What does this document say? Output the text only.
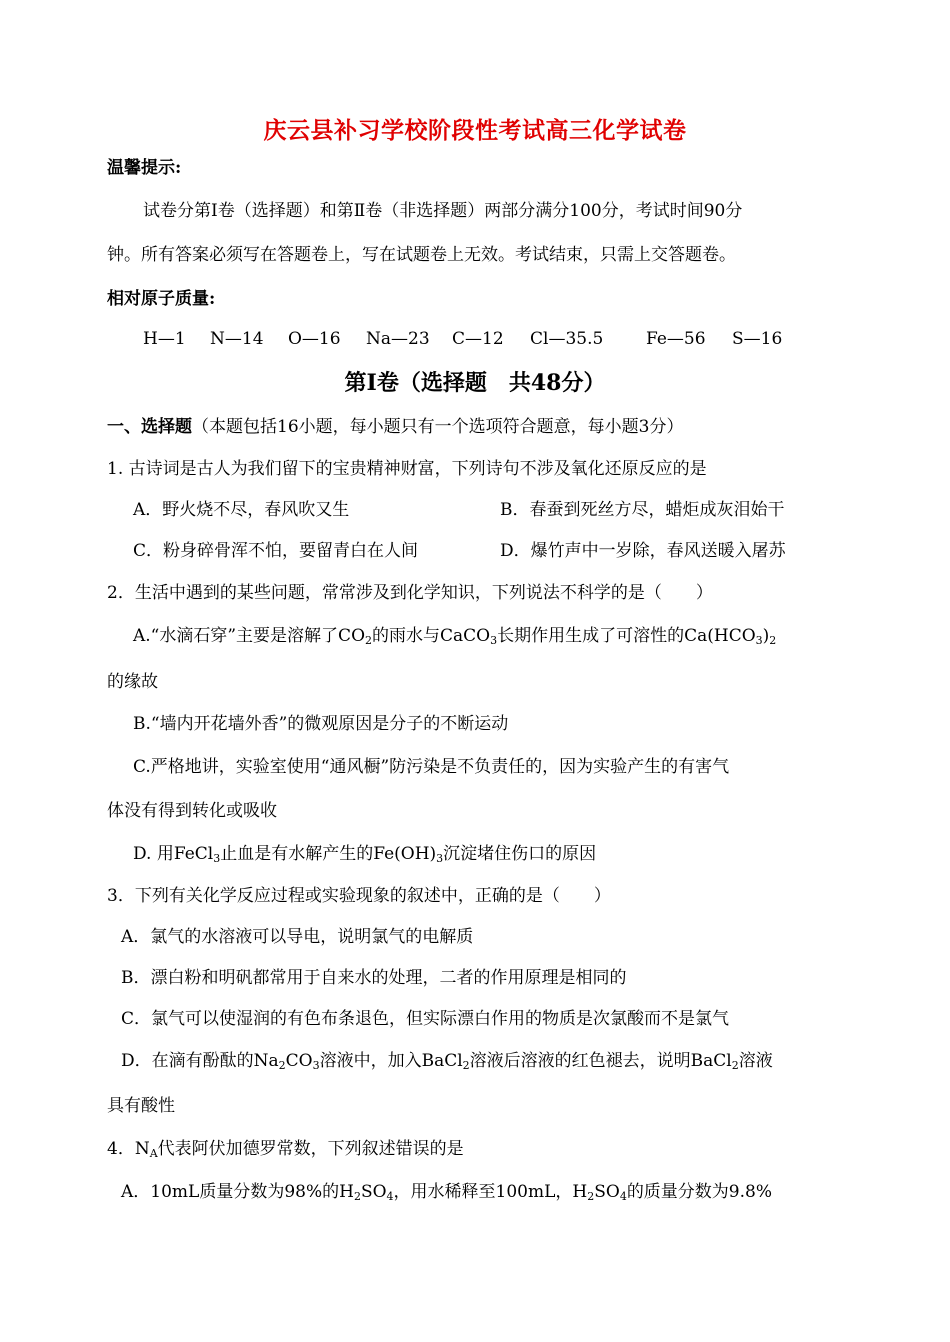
庆云县补习学校阶段性考试高三化学试卷
温馨提示:
试卷分第Ⅰ卷（选择题）和第Ⅱ卷（非选择题）两部分满分100分，考试时间90分
钟。所有答案必须写在答题卷上，写在试题卷上无效。考试结束，只需上交答题卷。
相对原子质量:
H—1 N—14 O—16 Na—23 C—12 Cl—35.5	Fe—56 S—16
第Ⅰ卷（选择题　共48分）
一、选择题（本题包括16小题，每小题只有一个选项符合题意，每小题3分）
1. 古诗词是古人为我们留下的宝贵精神财富，下列诗句不涉及氧化还原反应的是
A．野火烧不尽，春风吹又生	B．春蚕到死丝方尽，蜡炬成灰泪始干
C．粉身碎骨浑不怕，要留青白在人间	D．爆竹声中一岁除，春风送暖入屠苏
2．生活中遇到的某些问题，常常涉及到化学知识，下列说法不科学的是（　　）
A.“水滴石穿”主要是溶解了$CO_2$的雨水与CaCO$_3$长期作用生成了可溶性的$Ca(HCO_3)_2$
的缘故
B.“墙内开花墙外香”的微观原因是分子的不断运动
C.严格地讲，实验室使用“通风橱”防污染是不负责任的，因为实验产生的有害气
体没有得到转化或吸收
D. 用FeCl$_3$止血是有水解产生的$Fe(OH)_3$沉淀堵住伤口的原因
3．下列有关化学反应过程或实验现象的叙述中，正确的是（　　）
A．氯气的水溶液可以导电，说明氯气的电解质
B．漂白粉和明矾都常用于自来水的处理，二者的作用原理是相同的
C．氯气可以使湿润的有色布条退色，但实际漂白作用的物质是次氯酸而不是氯气
D．在滴有酚酞的$Na_2CO_3$溶液中，加入BaCl$_2$溶液后溶液的红色褪去，说明BaCl$_2$溶液
具有酸性
4．$N_A$代表阿伏加德罗常数，下列叙述错误的是
A．10mL质量分数为98%的$H_2SO_4$，用水稀释至100mL，$H_2SO_4$的质量分数为9.8%
